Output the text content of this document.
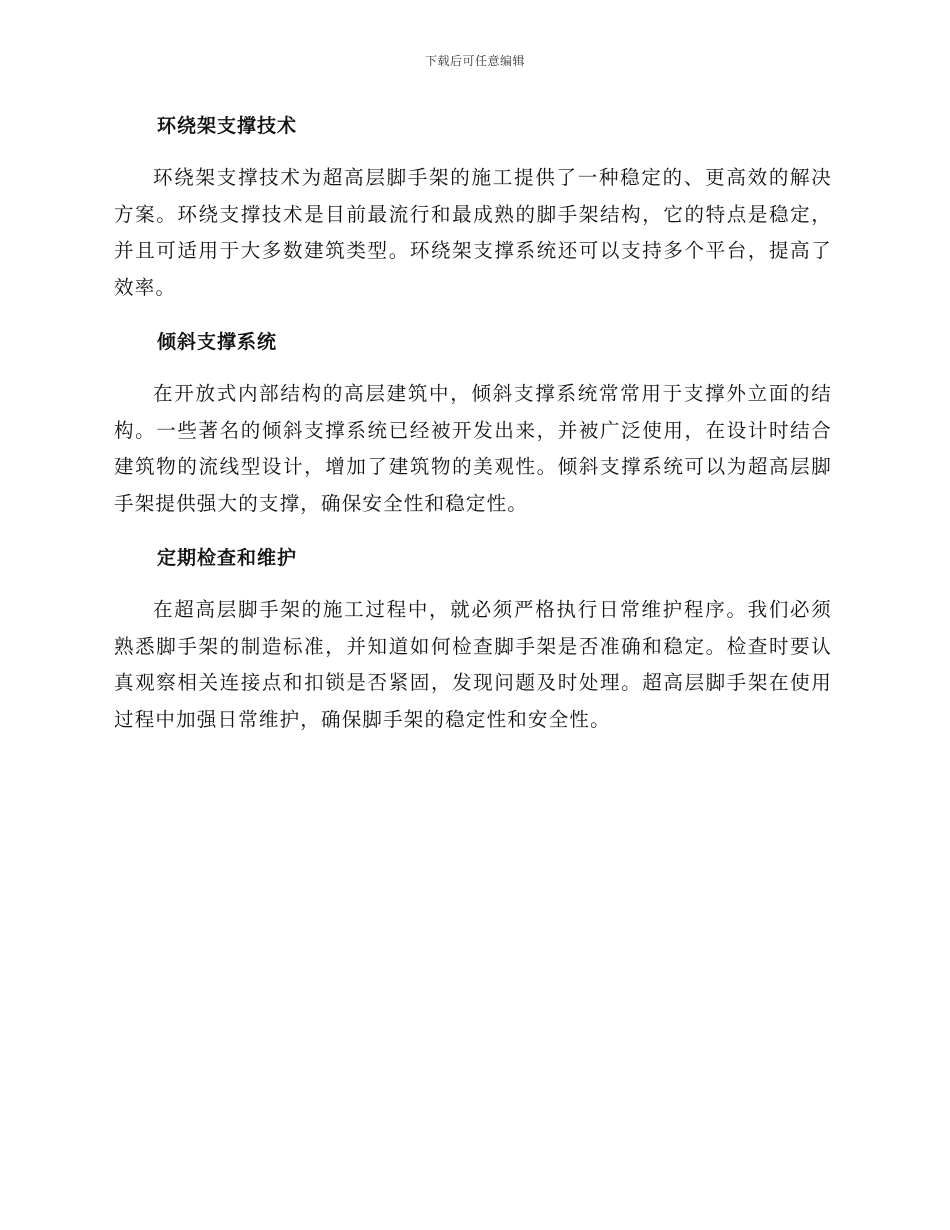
下载后可任意编辑
环绕架支撑技术

环绕架支撑技术为超高层脚手架的施工提供了一种稳定的、更高效的解决方案。环绕支撑技术是目前最流行和最成熟的脚手架结构，它的特点是稳定，并且可适用于大多数建筑类型。环绕架支撑系统还可以支持多个平台，提高了效率。

倾斜支撑系统

在开放式内部结构的高层建筑中，倾斜支撑系统常常用于支撑外立面的结构。一些著名的倾斜支撑系统已经被开发出来，并被广泛使用，在设计时结合建筑物的流线型设计，增加了建筑物的美观性。倾斜支撑系统可以为超高层脚手架提供强大的支撑，确保安全性和稳定性。

定期检查和维护

在超高层脚手架的施工过程中，就必须严格执行日常维护程序。我们必须熟悉脚手架的制造标准，并知道如何检查脚手架是否准确和稳定。检查时要认真观察相关连接点和扣锁是否紧固，发现问题及时处理。超高层脚手架在使用过程中加强日常维护，确保脚手架的稳定性和安全性。
